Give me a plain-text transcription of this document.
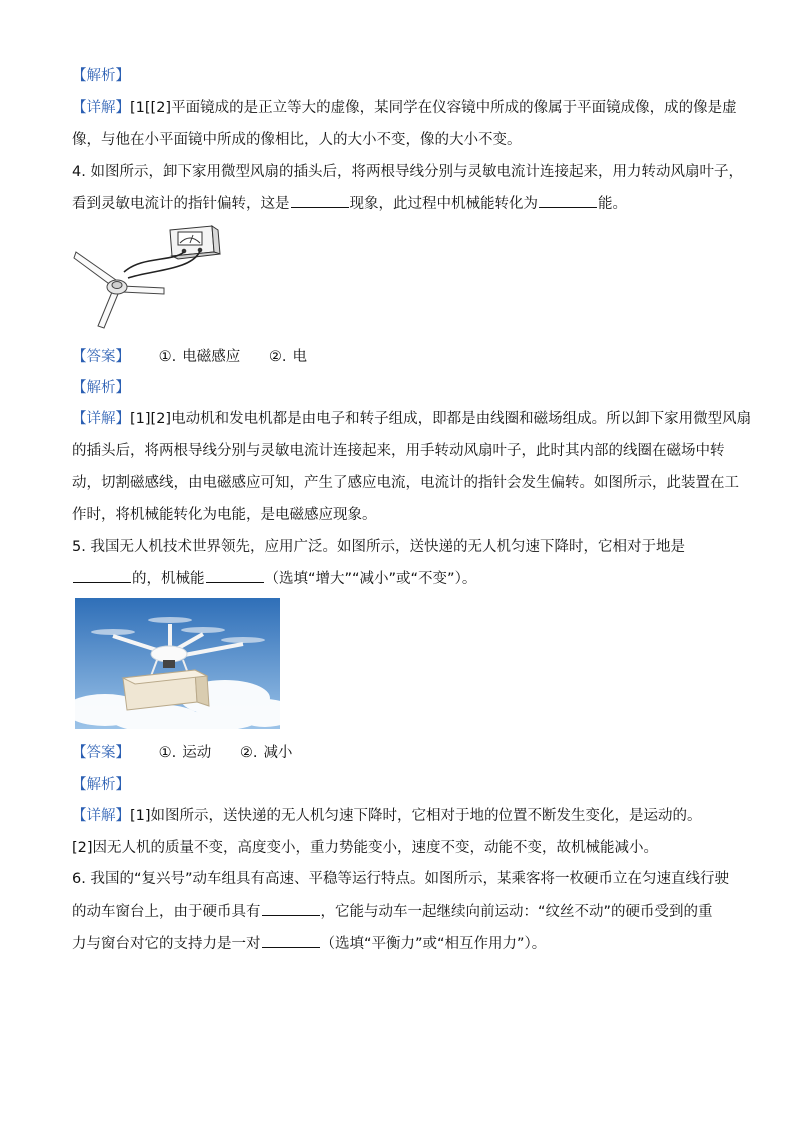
【解析】
【详解】[1[[2]平面镜成的是正立等大的虚像，某同学在仪容镜中所成的像属于平面镜成像，成的像是虚
像，与他在小平面镜中所成的像相比，人的大小不变，像的大小不变。
4. 如图所示，卸下家用微型风扇的插头后，将两根导线分别与灵敏电流计连接起来，用力转动风扇叶子，
看到灵敏电流计的指针偏转，这是	现象，此过程中机械能转化为	能。
【答案】 ①. 电磁感应 ②. 电
【解析】
【详解】[1][2]电动机和发电机都是由电子和转子组成，即都是由线圈和磁场组成。所以卸下家用微型风扇
的插头后，将两根导线分别与灵敏电流计连接起来，用手转动风扇叶子，此时其内部的线圈在磁场中转
动，切割磁感线，由电磁感应可知，产生了感应电流，电流计的指针会发生偏转。如图所示，此装置在工
作时，将机械能转化为电能，是电磁感应现象。
5. 我国无人机技术世界领先，应用广泛。如图所示，送快递的无人机匀速下降时，它相对于地是
的，机械能	（选填“增大”“减小”或“不变”）。
【答案】 ①. 运动 ②. 减小
【解析】
【详解】[1]如图所示，送快递的无人机匀速下降时，它相对于地的位置不断发生变化，是运动的。
[2]因无人机的质量不变，高度变小，重力势能变小，速度不变，动能不变，故机械能减小。
6. 我国的“复兴号”动车组具有高速、平稳等运行特点。如图所示，某乘客将一枚硬币立在匀速直线行驶
的动车窗台上，由于硬币具有	，它能与动车一起继续向前运动：“纹丝不动”的硬币受到的重
力与窗台对它的支持力是一对	（选填“平衡力”或“相互作用力”）。
